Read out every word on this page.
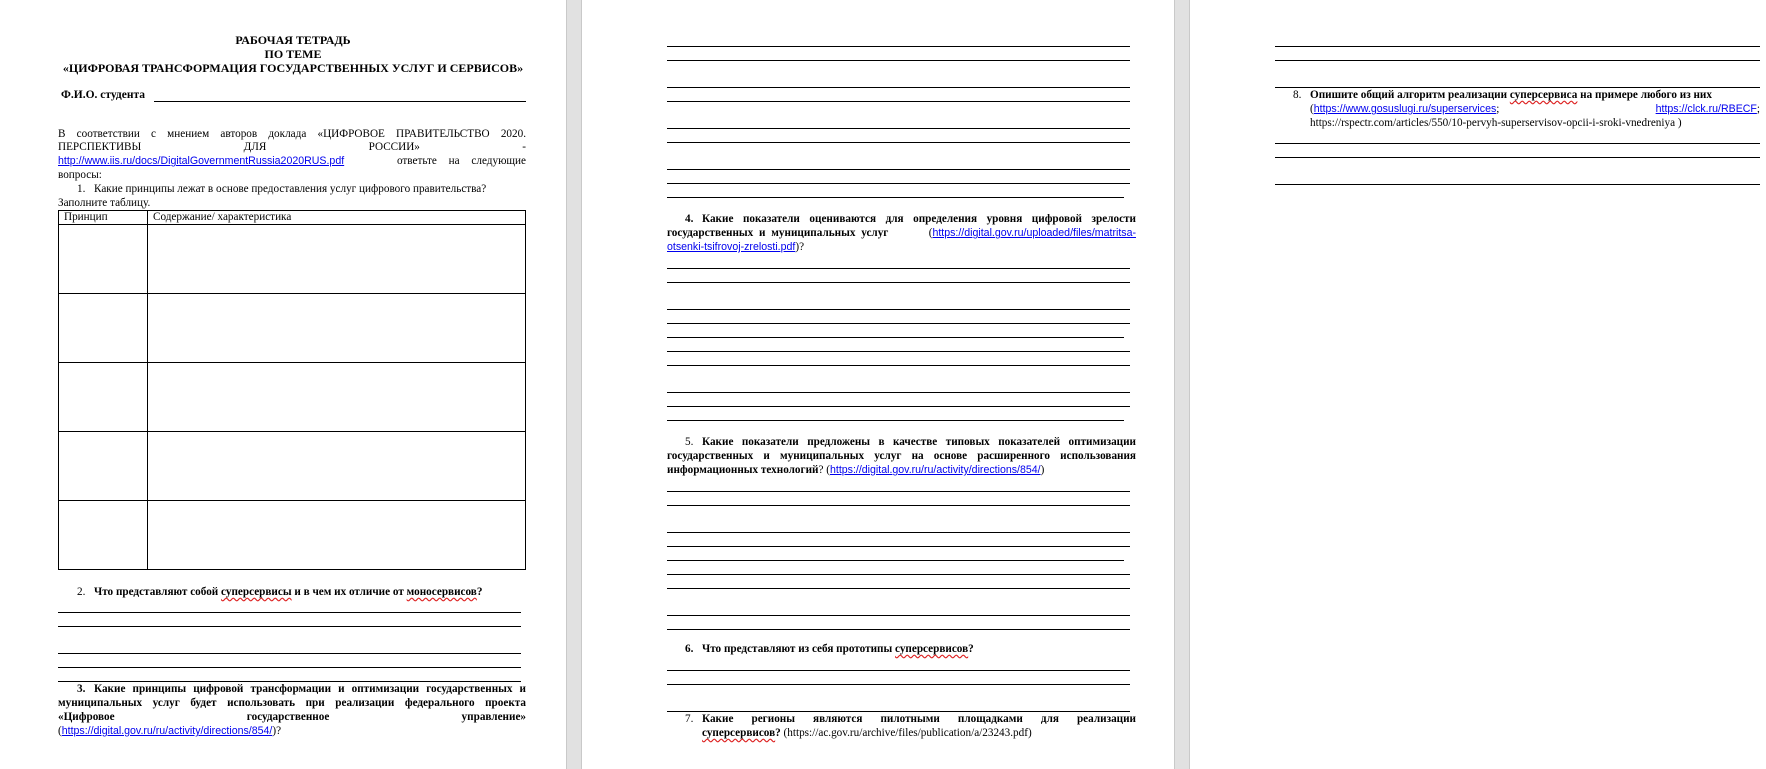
РАБОЧАЯ ТЕТРАДЬ
ПО ТЕМЕ
«ЦИФРОВАЯ ТРАНСФОРМАЦИЯ ГОСУДАРСТВЕННЫХ УСЛУГ И СЕРВИСОВ»
Ф.И.О. студента
В соответствии с мнением авторов доклада «ЦИФРОВОЕ ПРАВИТЕЛЬСТВО 2020.
ПЕРСПЕКТИВЫ ДЛЯ РОССИИ» -
http://www.iis.ru/docs/DigitalGovernmentRussia2020RUS.pdf	ответьте на следующие
вопросы:
1. Какие принципы лежат в основе предоставления услуг цифрового правительства?
Заполните таблицу.
Принцип	Содержание/ характеристика

2. Что представляют собой суперсервисы и в чем их отличие от моносервисов?
3. Какие принципы цифровой трансформации и оптимизации государственных и
муниципальных услуг будет использовать при реализации федерального проекта
«Цифровое государственное управление»
(https://digital.gov.ru/ru/activity/directions/854/)?
4. Какие показатели оцениваются для определения уровня цифровой зрелости
государственных и муниципальных услуг	(https://digital.gov.ru/uploaded/files/matritsa-
otsenki-tsifrovoj-zrelosti.pdf)?
5. Какие показатели предложены в качестве типовых показателей оптимизации
государственных и муниципальных услуг на основе расширенного использования
информационных технологий? (https://digital.gov.ru/ru/activity/directions/854/)
6. Что представляют из себя прототипы суперсервисов?
7. Какие регионы являются пилотными площадками для реализации
суперсервисов? (https://ac.gov.ru/archive/files/publication/a/23243.pdf)
8. Опишите общий алгоритм реализации суперсервиса на примере любого из них
(https://www.gosuslugi.ru/superservices;	https://clck.ru/RBECF;
https://rspectr.com/articles/550/10-pervyh-superservisov-opcii-i-sroki-vnedreniya )
